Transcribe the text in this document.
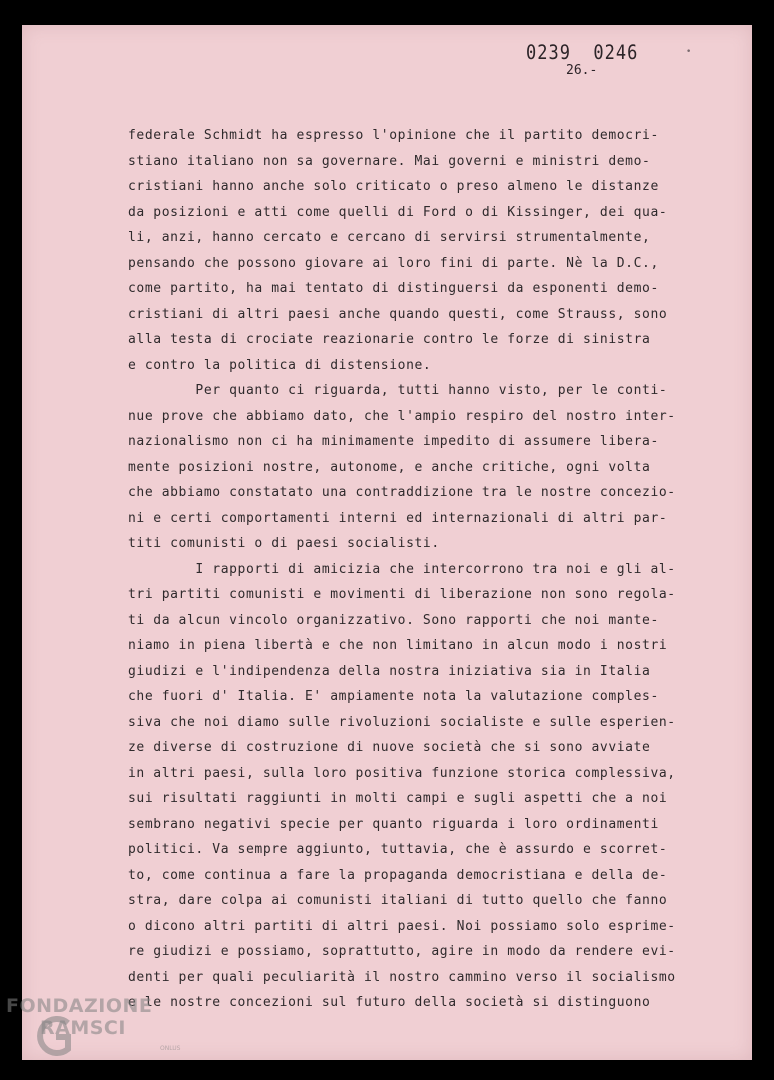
0239  0246
26.-
•
federale Schmidt ha espresso l'opinione che il partito democri-
stiano italiano non sa governare. Mai governi e ministri demo-
cristiani hanno anche solo criticato o preso almeno le distanze
da posizioni e atti come quelli di Ford o di Kissinger, dei qua-
li, anzi, hanno cercato e cercano di servirsi strumentalmente,
pensando che possono giovare ai loro fini di parte. Nè la D.C.,
come partito, ha mai tentato di distinguersi da esponenti demo-
cristiani di altri paesi anche quando questi, come Strauss, sono
alla testa di crociate reazionarie contro le forze di sinistra
e contro la politica di distensione.
Per quanto ci riguarda, tutti hanno visto, per le conti-
nue prove che abbiamo dato, che l'ampio respiro del nostro inter-
nazionalismo non ci ha minimamente impedito di assumere libera-
mente posizioni nostre, autonome, e anche critiche, ogni volta
che abbiamo constatato una contraddizione tra le nostre concezio-
ni e certi comportamenti interni ed internazionali di altri par-
titi comunisti o di paesi socialisti.
I rapporti di amicizia che intercorrono tra noi e gli al-
tri partiti comunisti e movimenti di liberazione non sono regola-
ti da alcun vincolo organizzativo. Sono rapporti che noi mante-
niamo in piena libertà e che non limitano in alcun modo i nostri
giudizi e l'indipendenza della nostra iniziativa sia in Italia
che fuori d' Italia. E' ampiamente nota la valutazione comples-
siva che noi diamo sulle rivoluzioni socialiste e sulle esperien-
ze diverse di costruzione di nuove società che si sono avviate
in altri paesi, sulla loro positiva funzione storica complessiva,
sui risultati raggiunti in molti campi e sugli aspetti che a noi
sembrano negativi specie per quanto riguarda i loro ordinamenti
politici. Va sempre aggiunto, tuttavia, che è assurdo e scorret-
to, come continua a fare la propaganda democristiana e della de-
stra, dare colpa ai comunisti italiani di tutto quello che fanno
o dicono altri partiti di altri paesi. Noi possiamo solo esprime-
re giudizi e possiamo, soprattutto, agire in modo da rendere evi-
denti per quali peculiarità il nostro cammino verso il socialismo
e le nostre concezioni sul futuro della società si distinguono
FONDAZIONE
RAMSCI
ONLUS
